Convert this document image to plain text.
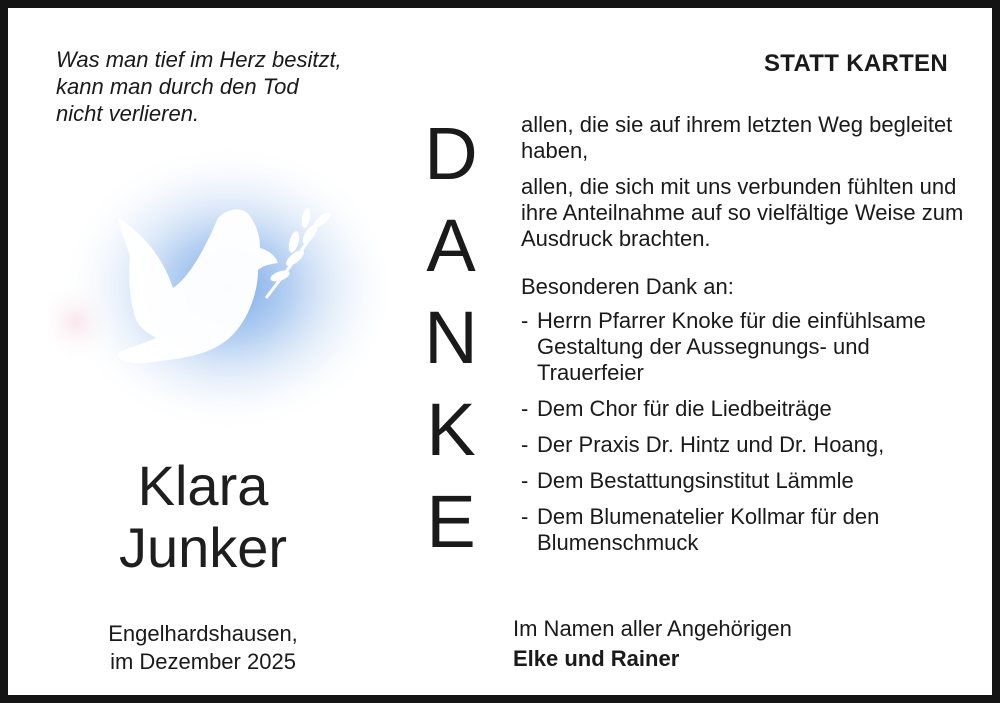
Was man tief im Herz besitzt,
kann man durch den Tod
nicht verlieren.
STATT KARTEN
Klara
Junker
Engelhardshausen,
im Dezember 2025
D
A
N
K
E

allen, die sie auf ihrem letzten Weg begleitet haben,

allen, die sich mit uns verbunden fühlten und ihre Anteilnahme auf so vielfältige Weise zum Ausdruck brachten.

Besonderen Dank an:

- Herrn Pfarrer Knoke für die einfühlsame Gestaltung der Aussegnungs- und Trauerfeier
- Dem Chor für die Liedbeiträge
- Der Praxis Dr. Hintz und Dr. Hoang,
- Dem Bestattungsinstitut Lämmle
- Dem Blumenatelier Kollmar für den Blumenschmuck
Im Namen aller Angehörigen
Elke und Rainer
